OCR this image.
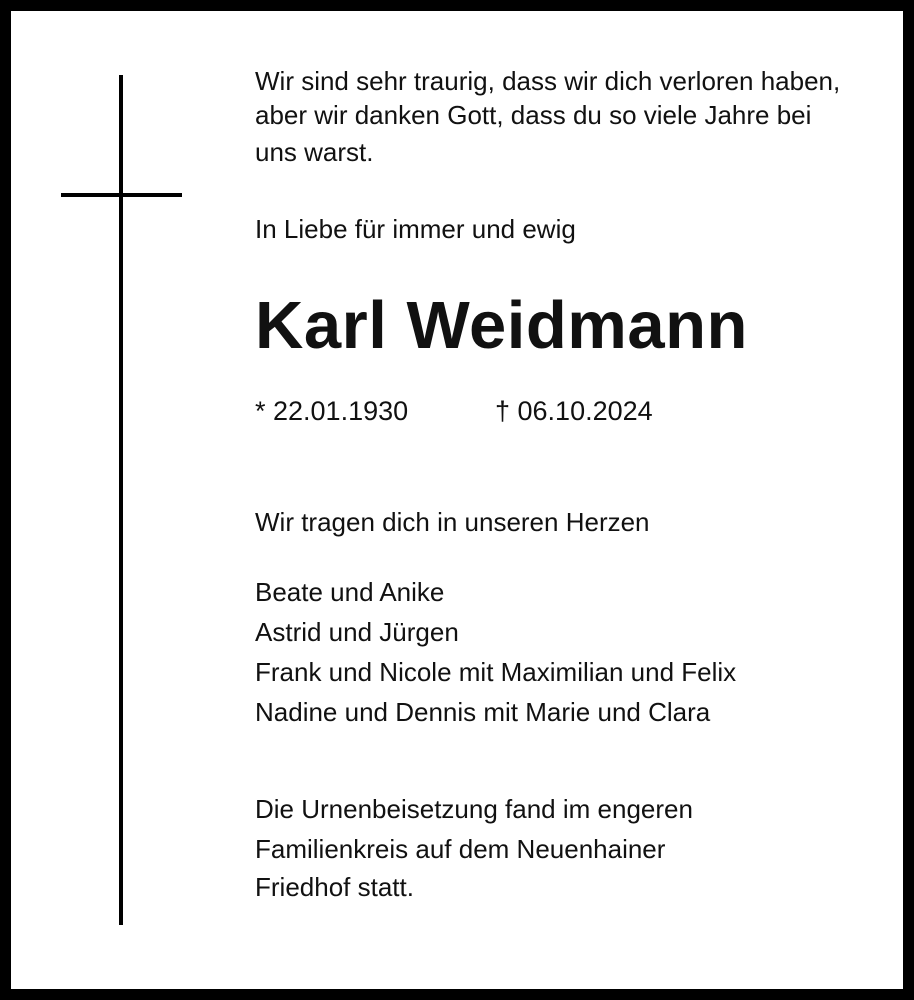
Wir sind sehr traurig, dass wir dich verloren haben,
aber wir danken Gott, dass du so viele Jahre bei
uns warst.
In Liebe für immer und ewig
Karl Weidmann
* 22.01.1930	† 06.10.2024
Wir tragen dich in unseren Herzen
Beate und Anike
Astrid und Jürgen
Frank und Nicole mit Maximilian und Felix
Nadine und Dennis mit Marie und Clara
Die Urnenbeisetzung fand im engeren
Familienkreis auf dem Neuenhainer
Friedhof statt.
